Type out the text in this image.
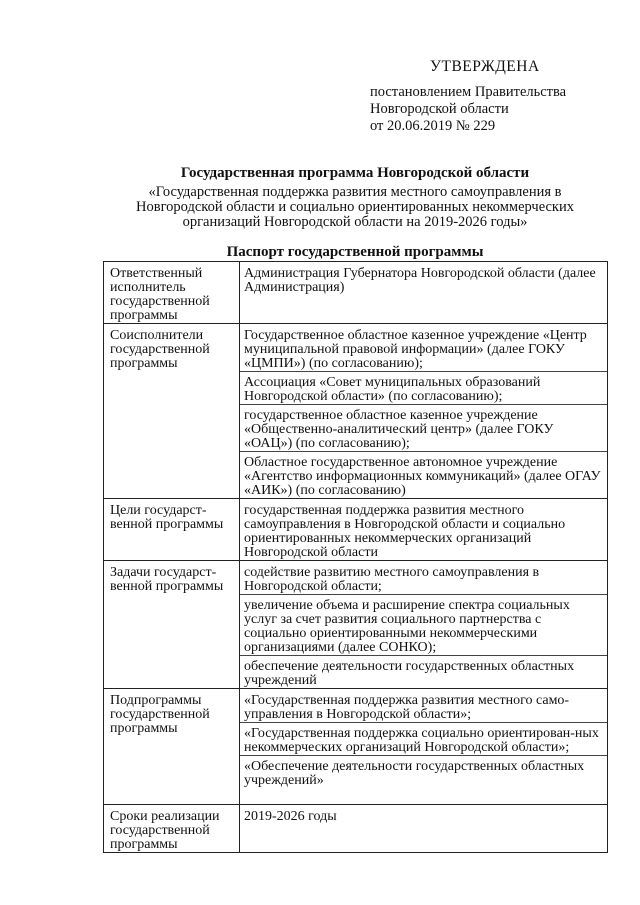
УТВЕРЖДЕНА
постановлением Правительства
Новгородской области
от 20.06.2019 № 229
Государственная программа Новгородской области
«Государственная поддержка развития местного самоуправления в Новгородской области и социально ориентированных некоммерческих организаций Новгородской области на 2019-2026 годы»
Паспорт государственной программы
Ответственный исполнитель государственной программы	Администрация Губернатора Новгородской области (далее Администрация)

Соисполнители государственной программы	Государственное областное казенное учреждение «Центр муниципальной правовой информации» (далее ГОКУ «ЦМПИ») (по согласованию);
Ассоциация «Совет муниципальных образований Новгородской области» (по согласованию);
государственное областное казенное учреждение «Общественно-аналитический центр» (далее ГОКУ «ОАЦ») (по согласованию);
Областное государственное автономное учреждение «Агентство информационных коммуникаций» (далее ОГАУ «АИК») (по согласованию)

Цели государст-венной программы	государственная поддержка развития местного самоуправления в Новгородской области и социально ориентированных некоммерческих организаций Новгородской области

Задачи государст-венной программы	содействие развитию местного самоуправления в Новгородской области;
увеличение объема и расширение спектра социальных услуг за счет развития социального партнерства с социально ориентированными некоммерческими организациями (далее СОНКО);
обеспечение деятельности государственных областных учреждений

Подпрограммы государственной программы	«Государственная поддержка развития местного само-управления в Новгородской области»;
«Государственная поддержка социально ориентирован-ных некоммерческих организаций Новгородской области»;
«Обеспечение деятельности государственных областных учреждений»

Сроки реализации государственной программы	2019-2026 годы
